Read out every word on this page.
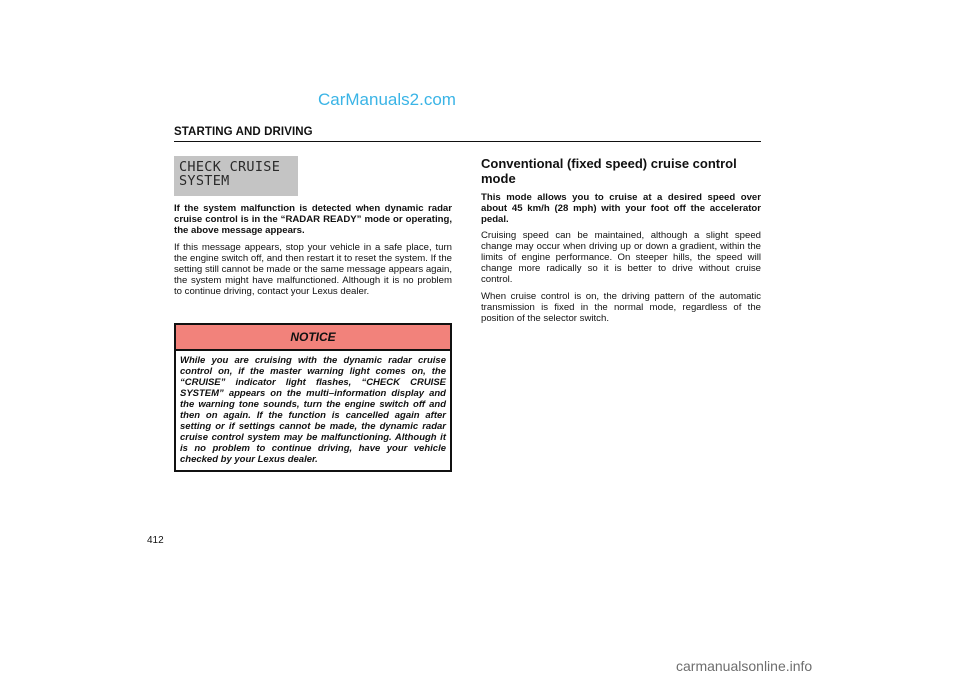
CarManuals2.com
STARTING AND DRIVING
CHECK CRUISE
SYSTEM

If the system malfunction is detected when dynamic radar cruise control is in the “RADAR READY” mode or operating, the above message appears.

If this message appears, stop your vehicle in a safe place, turn the engine switch off, and then restart it to reset the system. If the setting still cannot be made or the same message appears again, the system might have malfunctioned. Although it is no problem to continue driving, contact your Lexus dealer.

NOTICE
While you are cruising with the dynamic radar cruise control on, if the master warning light comes on, the “CRUISE” indicator light flashes, “CHECK CRUISE SYSTEM” appears on the multi–information display and the warning tone sounds, turn the engine switch off and then on again. If the function is cancelled again after setting or if settings cannot be made, the dynamic radar cruise control system may be malfunctioning. Although it is no problem to continue driving, have your vehicle checked by your Lexus dealer.
Conventional (fixed speed) cruise control mode

This mode allows you to cruise at a desired speed over about 45 km/h (28 mph) with your foot off the accelerator pedal.

Cruising speed can be maintained, although a slight speed change may occur when driving up or down a gradient, within the limits of engine performance. On steeper hills, the speed will change more radically so it is better to drive without cruise control.

When cruise control is on, the driving pattern of the automatic transmission is fixed in the normal mode, regardless of the position of the selector switch.

412
carmanualsonline.info
